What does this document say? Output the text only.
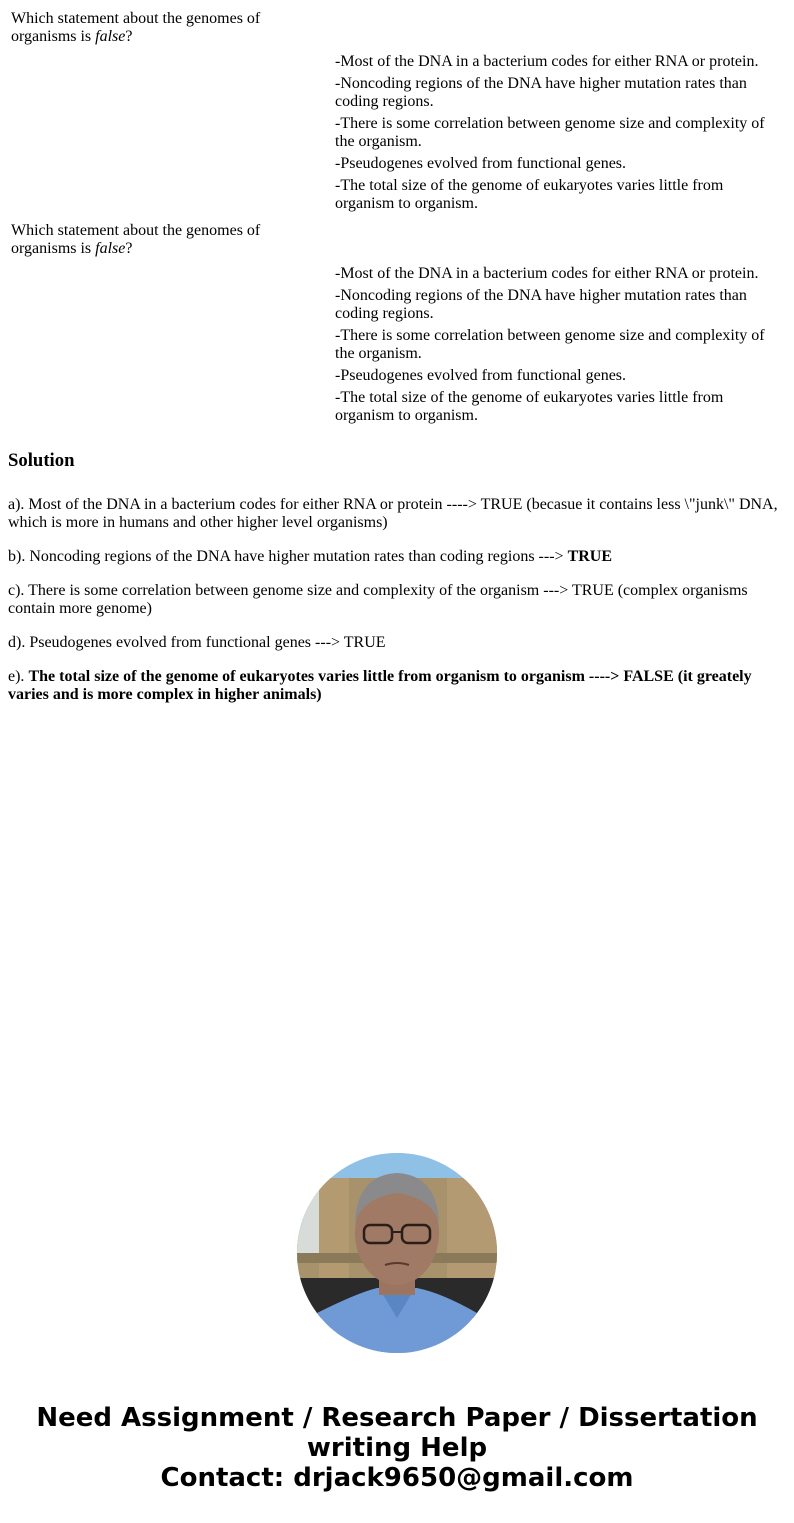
Which statement about the genomes of organisms is false?
-Most of the DNA in a bacterium codes for either RNA or protein.
-Noncoding regions of the DNA have higher mutation rates than coding regions.
-There is some correlation between genome size and complexity of the organism.
-Pseudogenes evolved from functional genes.
-The total size of the genome of eukaryotes varies little from organism to organism.
Which statement about the genomes of organisms is false?
-Most of the DNA in a bacterium codes for either RNA or protein.
-Noncoding regions of the DNA have higher mutation rates than coding regions.
-There is some correlation between genome size and complexity of the organism.
-Pseudogenes evolved from functional genes.
-The total size of the genome of eukaryotes varies little from organism to organism.
Solution

a). Most of the DNA in a bacterium codes for either RNA or protein ----> TRUE (becasue it contains less \"junk\" DNA, which is more in humans and other higher level organisms)

b). Noncoding regions of the DNA have higher mutation rates than coding regions ---> TRUE

c). There is some correlation between genome size and complexity of the organism ---> TRUE (complex organisms contain more genome)

d). Pseudogenes evolved from functional genes ---> TRUE

e). The total size of the genome of eukaryotes varies little from organism to organism ----> FALSE (it greately varies and is more complex in higher animals)

Need Assignment / Research Paper / Dissertation writing Help
Contact: drjack9650@gmail.com
